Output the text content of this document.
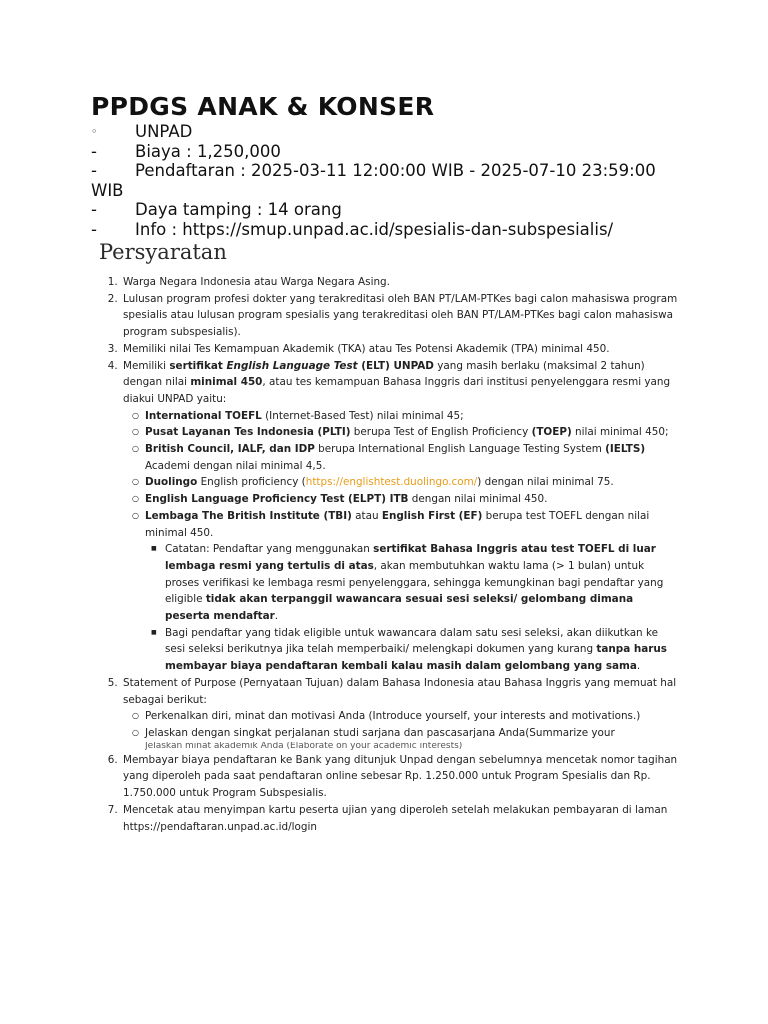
PPDGS ANAK & KONSER
◦	UNPAD
-	Biaya : 1,250,000
-	Pendaftaran : 2025-03-11 12:00:00 WIB - 2025-07-10 23:59:00
WIB
-	Daya tamping : 14 orang
-	Info : https://smup.unpad.ac.id/spesialis-dan-subspesialis/
Persyaratan
1. Warga Negara Indonesia atau Warga Negara Asing.
2. Lulusan program profesi dokter yang terakreditasi oleh BAN PT/LAM-PTKes bagi calon mahasiswa program spesialis atau lulusan program spesialis yang terakreditasi oleh BAN PT/LAM-PTKes bagi calon mahasiswa program subspesialis).
3. Memiliki nilai Tes Kemampuan Akademik (TKA) atau Tes Potensi Akademik (TPA) minimal 450.
4. Memiliki sertifikat English Language Test (ELT) UNPAD yang masih berlaku (maksimal 2 tahun) dengan nilai minimal 450, atau tes kemampuan Bahasa Inggris dari institusi penyelenggara resmi yang diakui UNPAD yaitu:
○ International TOEFL (Internet-Based Test) nilai minimal 45;
○ Pusat Layanan Tes Indonesia (PLTI) berupa Test of English Proficiency (TOEP) nilai minimal 450;
○ British Council, IALF, dan IDP berupa International English Language Testing System (IELTS) Academi dengan nilai minimal 4,5.
○ Duolingo English proficiency (https://englishtest.duolingo.com/) dengan nilai minimal 75.
○ English Language Proficiency Test (ELPT) ITB dengan nilai minimal 450.
○ Lembaga The British Institute (TBI) atau English First (EF) berupa test TOEFL dengan nilai minimal 450.
■ Catatan: Pendaftar yang menggunakan sertifikat Bahasa Inggris atau test TOEFL di luar lembaga resmi yang tertulis di atas, akan membutuhkan waktu lama (> 1 bulan) untuk proses verifikasi ke lembaga resmi penyelenggara, sehingga kemungkinan bagi pendaftar yang eligible tidak akan terpanggil wawancara sesuai sesi seleksi/ gelombang dimana peserta mendaftar.
■ Bagi pendaftar yang tidak eligible untuk wawancara dalam satu sesi seleksi, akan diikutkan ke sesi seleksi berikutnya jika telah memperbaiki/ melengkapi dokumen yang kurang tanpa harus membayar biaya pendaftaran kembali kalau masih dalam gelombang yang sama.
5. Statement of Purpose (Pernyataan Tujuan) dalam Bahasa Indonesia atau Bahasa Inggris yang memuat hal sebagai berikut:
○ Perkenalkan diri, minat dan motivasi Anda (Introduce yourself, your interests and motivations.)
○ Jelaskan dengan singkat perjalanan studi sarjana dan pascasarjana Anda(Summarize your
Jelaskan minat akademik Anda (Elaborate on your academic interests)
6. Membayar biaya pendaftaran ke Bank yang ditunjuk Unpad dengan sebelumnya mencetak nomor tagihan yang diperoleh pada saat pendaftaran online sebesar Rp. 1.250.000 untuk Program Spesialis dan Rp. 1.750.000 untuk Program Subspesialis.
7. Mencetak atau menyimpan kartu peserta ujian yang diperoleh setelah melakukan pembayaran di laman https://pendaftaran.unpad.ac.id/login
